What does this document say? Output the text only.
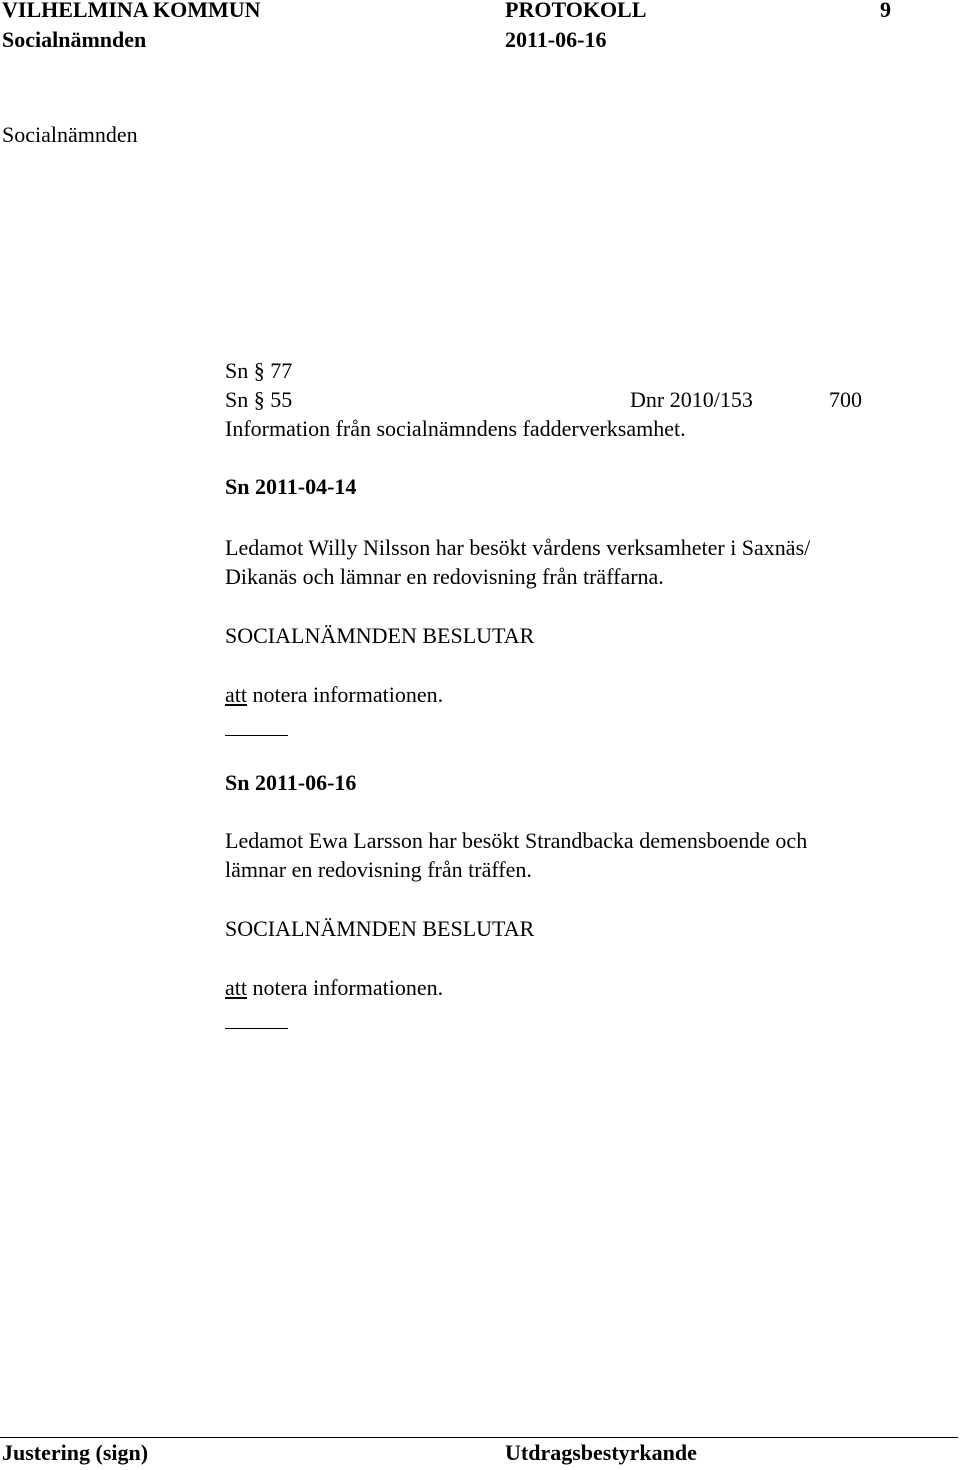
VILHELMINA KOMMUN	PROTOKOLL	9
Socialnämnden	2011-06-16
Socialnämnden
Sn § 77
Sn § 55	Dnr 2010/153	700
Information från socialnämndens fadderverksamhet.
Sn 2011-04-14
Ledamot Willy Nilsson har besökt vårdens verksamheter i Saxnäs/
Dikanäs och lämnar en redovisning från träffarna.
SOCIALNÄMNDEN BESLUTAR
att notera informationen.
Sn 2011-06-16
Ledamot Ewa Larsson har besökt Strandbacka demensboende och
lämnar en redovisning från träffen.
SOCIALNÄMNDEN BESLUTAR
att notera informationen.
Justering (sign)	Utdragsbestyrkande
